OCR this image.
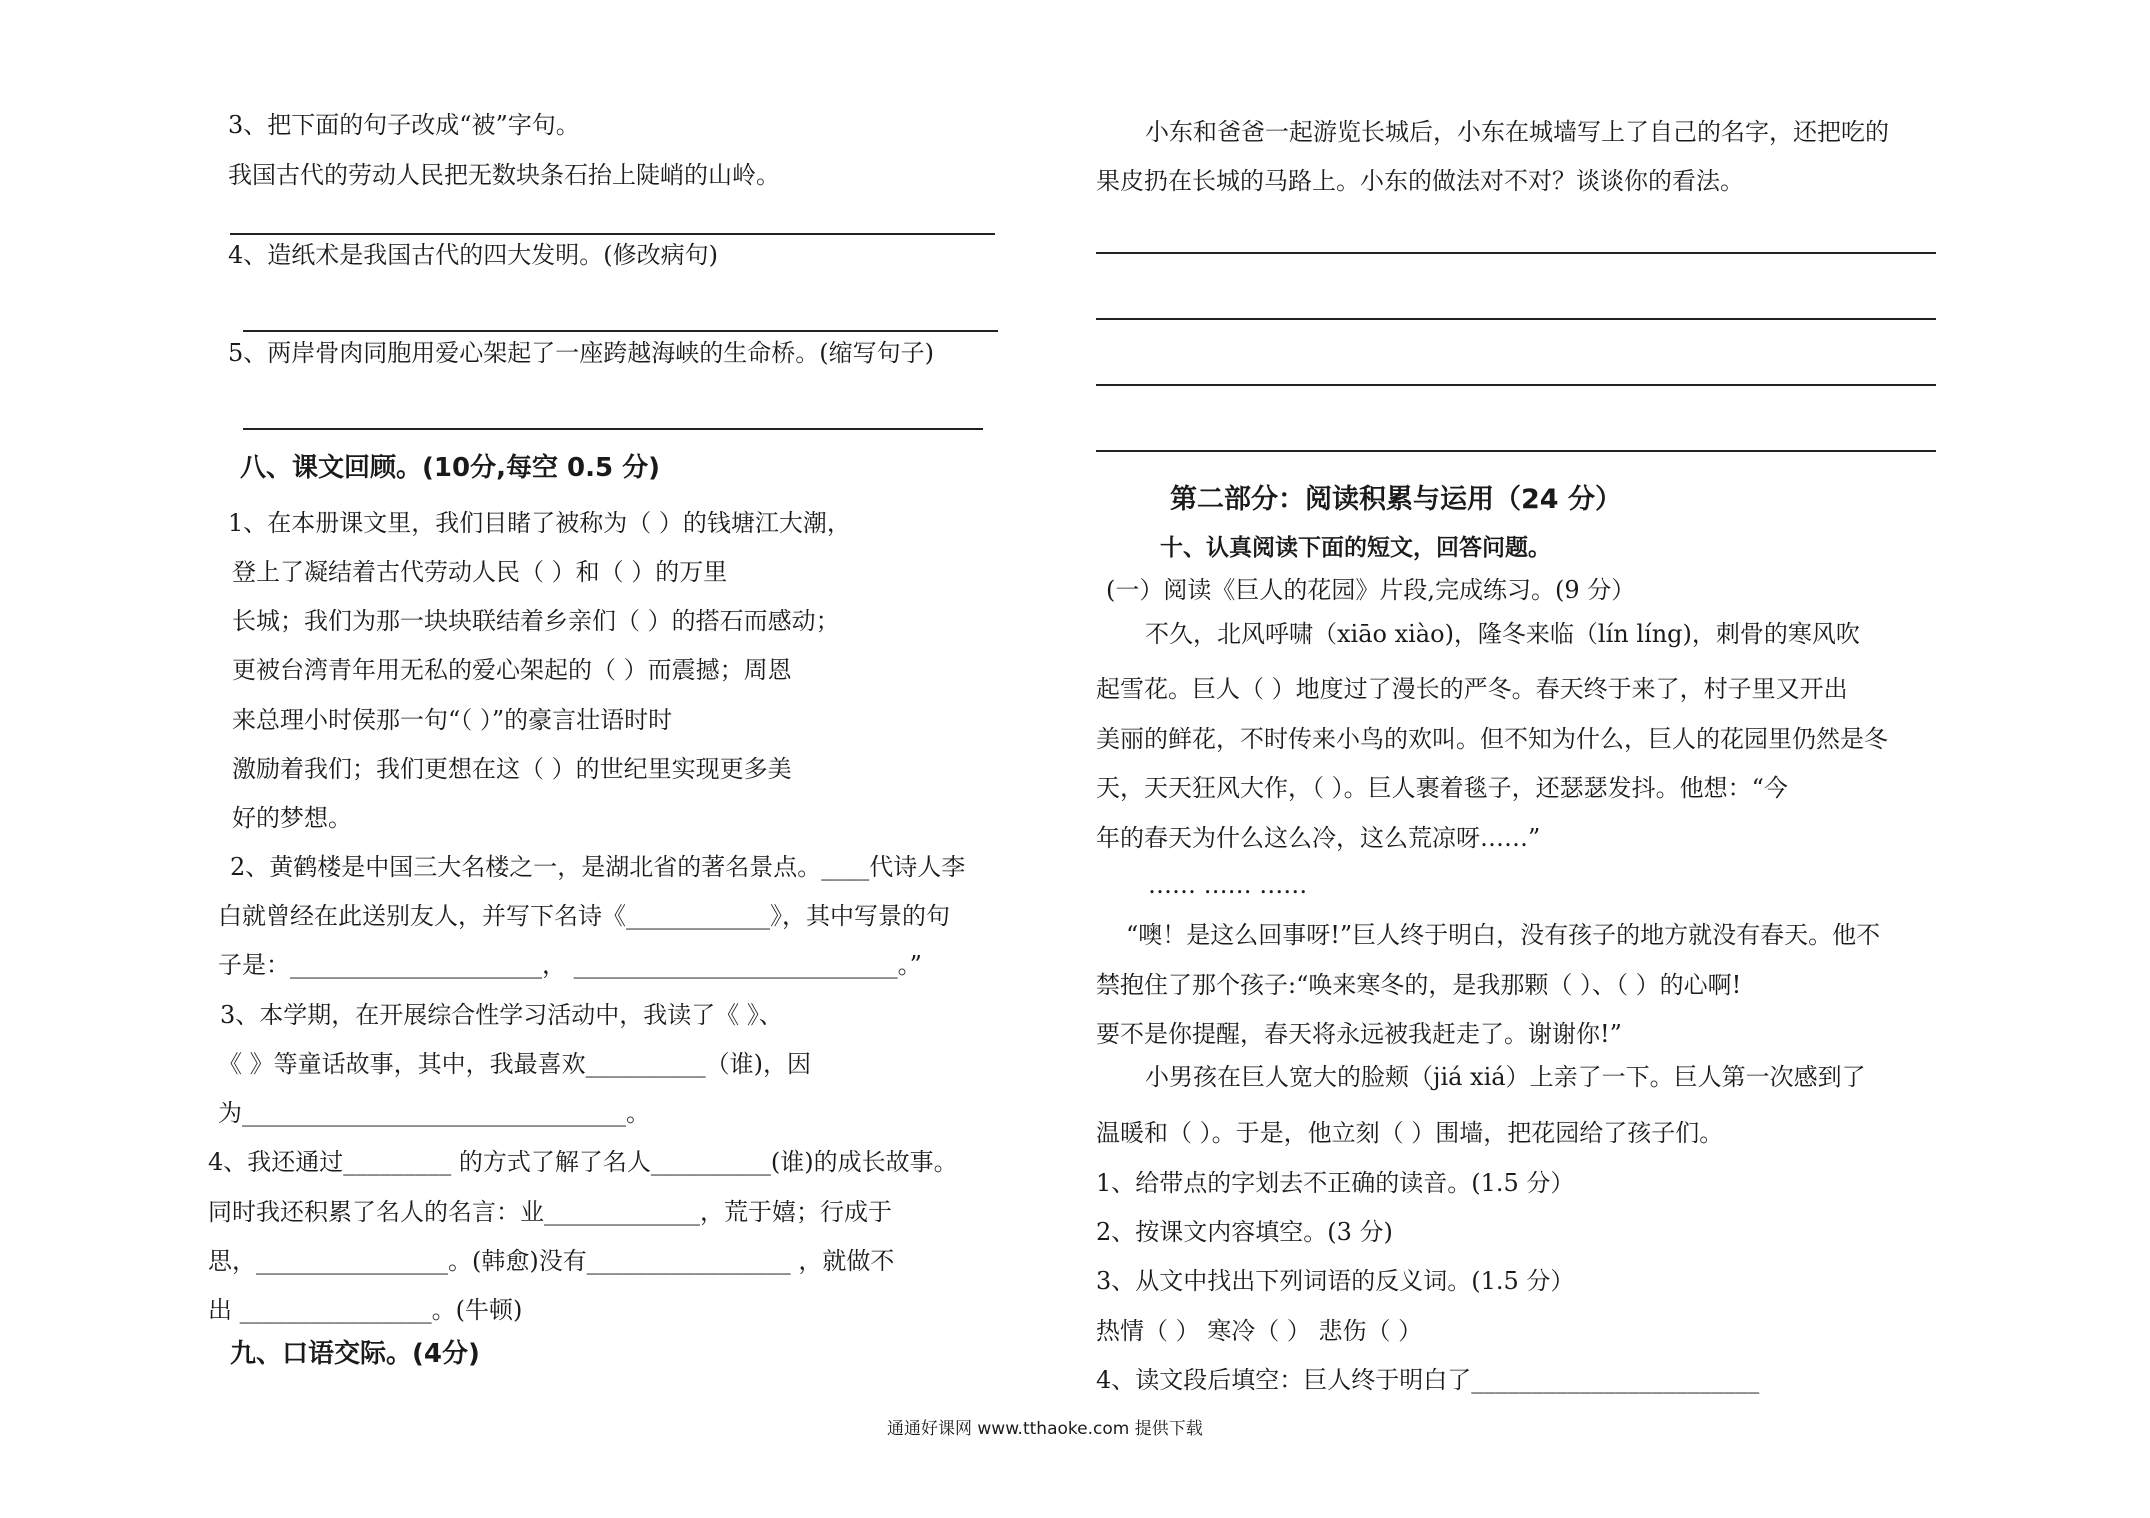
3、把下面的句子改成“被”字句。
我国古代的劳动人民把无数块条石抬上陡峭的山岭。
4、造纸术是我国古代的四大发明。(修改病句)
5、两岸骨肉同胞用爱心架起了一座跨越海峡的生命桥。(缩写句子)
八、课文回顾。(10分,每空 0.5 分)
1、在本册课文里，我们目睹了被称为（ ）的钱塘江大潮，
登上了凝结着古代劳动人民（ ）和（ ）的万里
长城；我们为那一块块联结着乡亲们（ ）的搭石而感动；
更被台湾青年用无私的爱心架起的（ ）而震撼；周恩
来总理小时侯那一句“（ ）”的豪言壮语时时
激励着我们；我们更想在这（ ）的世纪里实现更多美
好的梦想。
2、黄鹤楼是中国三大名楼之一，是湖北省的著名景点。____代诗人李
白就曾经在此送别友人，并写下名诗《____________》，其中写景的句
子是：_____________________， ___________________________。”
3、本学期，在开展综合性学习活动中，我读了《 》、
《 》等童话故事，其中，我最喜欢__________（谁)，因
为________________________________。
4、我还通过_________ 的方式了解了名人__________(谁)的成长故事。
同时我还积累了名人的名言：业_____________，荒于嬉；行成于
思，________________。(韩愈)没有_________________ ，就做不
出 ________________。(牛顿)
九、口语交际。(4分)
小东和爸爸一起游览长城后，小东在城墙写上了自己的名字，还把吃的
果皮扔在长城的马路上。小东的做法对不对？谈谈你的看法。
第二部分：阅读积累与运用（24 分）
十、认真阅读下面的短文，回答问题。
(一）阅读《巨人的花园》片段,完成练习。(9 分）
不久，北风呼啸（xiāo xiào)，隆冬来临（lín líng)，刺骨的寒风吹
起雪花。巨人（ ）地度过了漫长的严冬。春天终于来了，村子里又开出
美丽的鲜花，不时传来小鸟的欢叫。但不知为什么，巨人的花园里仍然是冬
天，天天狂风大作，（ ）。巨人裹着毯子，还瑟瑟发抖。他想：“今
年的春天为什么这么冷，这么荒凉呀……”
…… …… ……
“噢！是这么回事呀!”巨人终于明白，没有孩子的地方就没有春天。他不
禁抱住了那个孩子:“唤来寒冬的，是我那颗（ ）、（ ）的心啊!
要不是你提醒，春天将永远被我赶走了。谢谢你!”
小男孩在巨人宽大的脸颊（jiá xiá）上亲了一下。巨人第一次感到了
温暖和（ ）。于是，他立刻（ ）围墙，把花园给了孩子们。
1、给带点的字划去不正确的读音。(1.5 分）
2、按课文内容填空。(3 分)
3、从文中找出下列词语的反义词。(1.5 分）
热情（ ） 寒冷（ ） 悲伤（ ）
4、读文段后填空：巨人终于明白了________________________
通通好课网 www.tthaoke.com 提供下载
